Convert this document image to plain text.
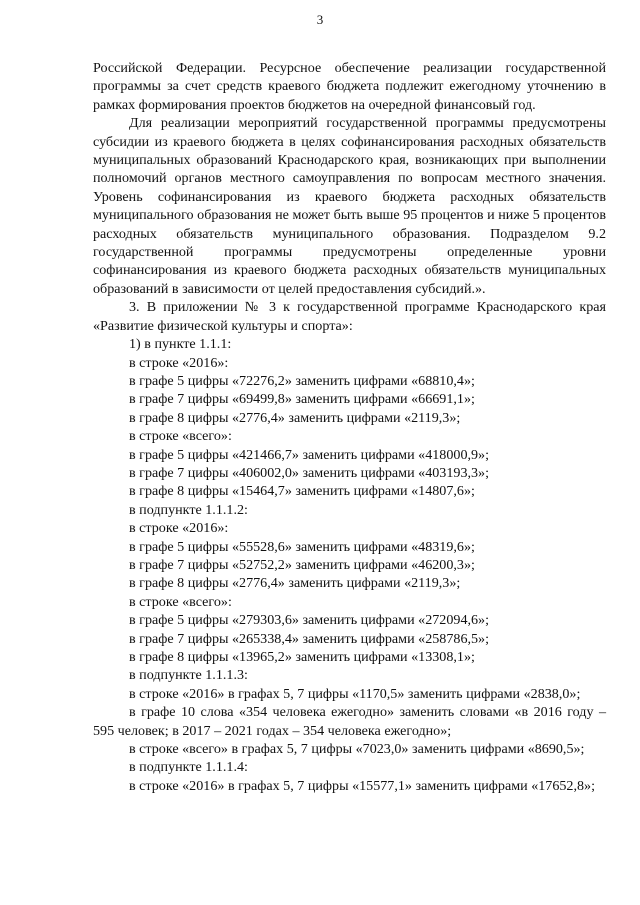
3

Российской Федерации. Ресурсное обеспечение реализации государственной программы за счет средств краевого бюджета подлежит ежегодному уточнению в рамках формирования проектов бюджетов на очередной финансовый год.

Для реализации мероприятий государственной программы предусмотрены субсидии из краевого бюджета в целях софинансирования расходных обязательств муниципальных образований Краснодарского края, возникающих при выполнении полномочий органов местного самоуправления по вопросам местного значения. Уровень софинансирования из краевого бюджета расходных обязательств муниципального образования не может быть выше 95 процентов и ниже 5 процентов расходных обязательств муниципального образования. Подразделом 9.2 государственной программы предусмотрены определенные уровни софинансирования из краевого бюджета расходных обязательств муниципальных образований в зависимости от целей предоставления субсидий.».

3. В приложении № 3 к государственной программе Краснодарского края «Развитие физической культуры и спорта»:

1) в пункте 1.1.1:
в строке «2016»:
в графе 5 цифры «72276,2» заменить цифрами «68810,4»;
в графе 7 цифры «69499,8» заменить цифрами «66691,1»;
в графе 8 цифры «2776,4» заменить цифрами «2119,3»;
в строке «всего»:
в графе 5 цифры «421466,7» заменить цифрами «418000,9»;
в графе 7 цифры «406002,0» заменить цифрами «403193,3»;
в графе 8 цифры «15464,7» заменить цифрами «14807,6»;
в подпункте 1.1.1.2:
в строке «2016»:
в графе 5 цифры «55528,6» заменить цифрами «48319,6»;
в графе 7 цифры «52752,2» заменить цифрами «46200,3»;
в графе 8 цифры «2776,4» заменить цифрами «2119,3»;
в строке «всего»:
в графе 5 цифры «279303,6» заменить цифрами «272094,6»;
в графе 7 цифры «265338,4» заменить цифрами «258786,5»;
в графе 8 цифры «13965,2» заменить цифрами «13308,1»;
в подпункте 1.1.1.3:

в строке «2016» в графах 5, 7 цифры «1170,5» заменить цифрами «2838,0»;

в графе 10 слова «354 человека ежегодно» заменить словами «в 2016 году – 595 человек; в 2017 – 2021 годах – 354 человека ежегодно»;

в строке «всего» в графах 5, 7 цифры «7023,0» заменить цифрами «8690,5»;

в подпункте 1.1.1.4:

в строке «2016» в графах 5, 7 цифры «15577,1» заменить цифрами «17652,8»;
